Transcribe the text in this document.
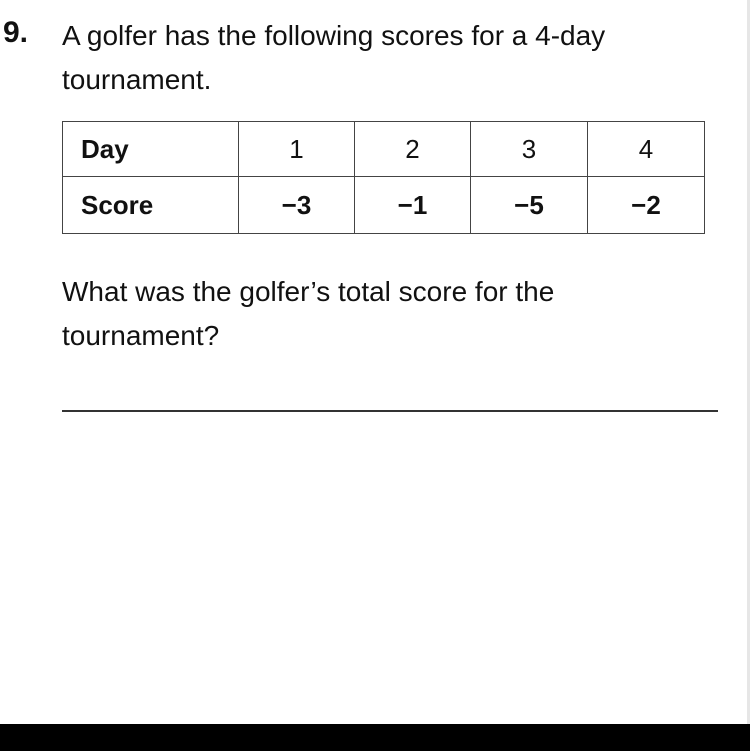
9. A golfer has the following scores for a 4-day tournament.
Day	1	2	3	4
Score	−3	−1	−5	−2
What was the golfer’s total score for the tournament?
